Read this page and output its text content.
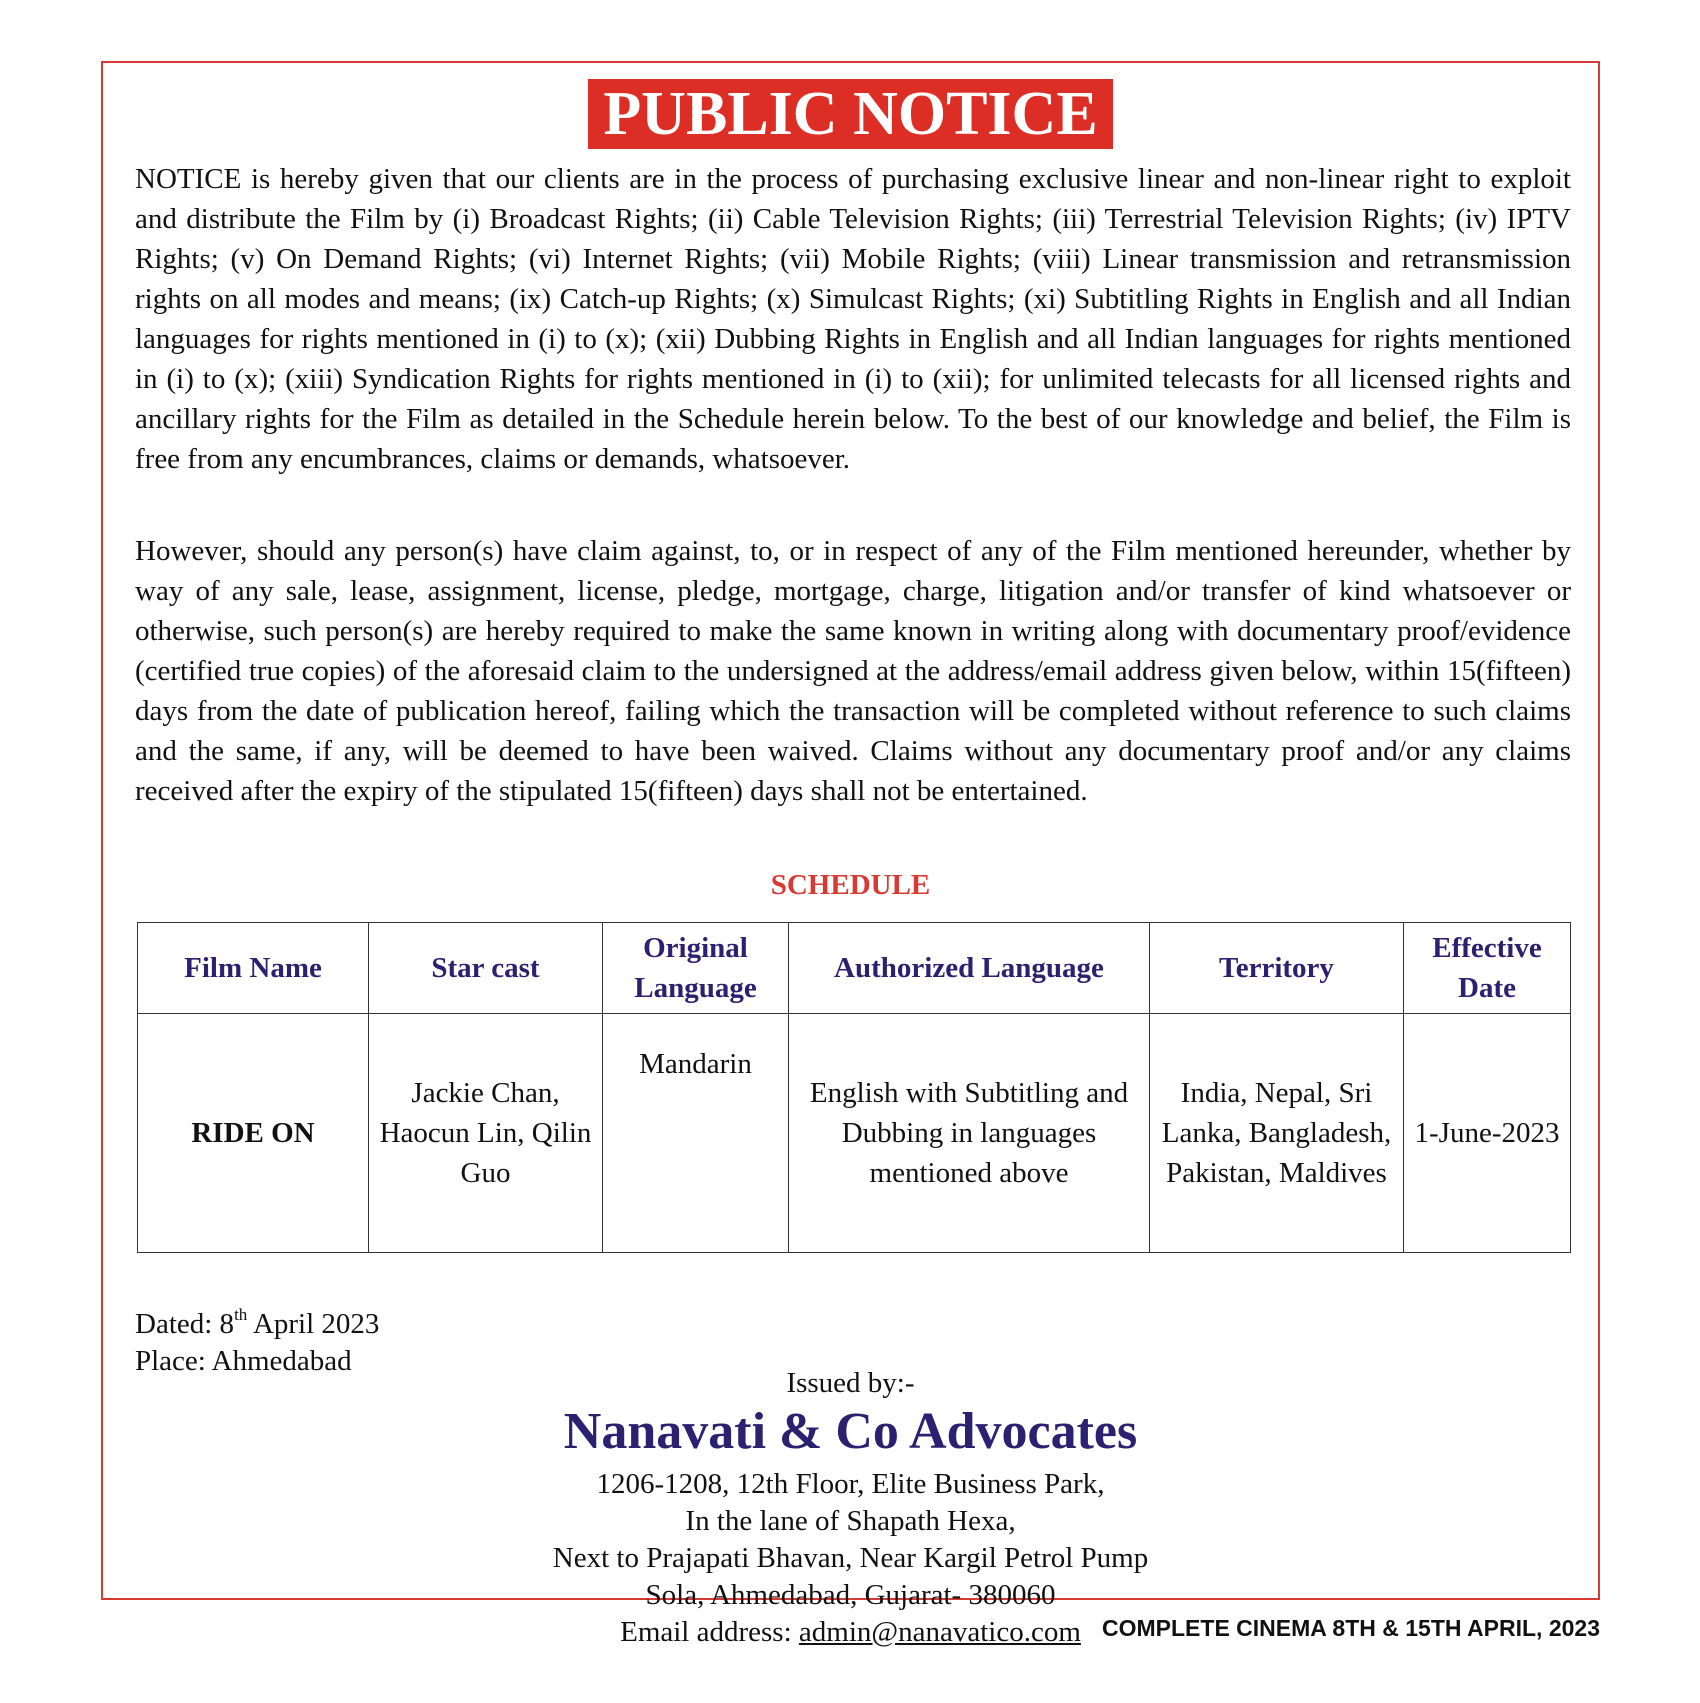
PUBLIC NOTICE

NOTICE is hereby given that our clients are in the process of purchasing exclusive linear and non-linear right to exploit and distribute the Film by (i) Broadcast Rights; (ii) Cable Television Rights; (iii) Terrestrial Television Rights; (iv) IPTV Rights; (v) On Demand Rights; (vi) Internet Rights; (vii) Mobile Rights; (viii) Linear transmission and retransmission rights on all modes and means; (ix) Catch-up Rights; (x) Simulcast Rights; (xi) Subtitling Rights in English and all Indian languages for rights mentioned in (i) to (x); (xii) Dubbing Rights in English and all Indian languages for rights mentioned in (i) to (x); (xiii) Syndication Rights for rights mentioned in (i) to (xii); for unlimited telecasts for all licensed rights and ancillary rights for the Film as detailed in the Schedule herein below. To the best of our knowledge and belief, the Film is free from any encumbrances, claims or demands, whatsoever.

However, should any person(s) have claim against, to, or in respect of any of the Film mentioned hereunder, whether by way of any sale, lease, assignment, license, pledge, mortgage, charge, litigation and/or transfer of kind whatsoever or otherwise, such person(s) are hereby required to make the same known in writing along with documentary proof/evidence (certified true copies) of the aforesaid claim to the undersigned at the address/email address given below, within 15(fifteen) days from the date of publication hereof, failing which the transaction will be completed without reference to such claims and the same, if any, will be deemed to have been waived. Claims without any documentary proof and/or any claims received after the expiry of the stipulated 15(fifteen) days shall not be entertained.

SCHEDULE
Film Name	Star cast	Original Language	Authorized Language	Territory	Effective Date
RIDE ON	Jackie Chan, Haocun Lin, Qilin Guo	Mandarin	English with Subtitling and Dubbing in languages mentioned above	India, Nepal, Sri Lanka, Bangladesh, Pakistan, Maldives	1-June-2023
Dated: 8th April 2023
Place: Ahmedabad
Issued by:-
Nanavati & Co Advocates
1206-1208, 12th Floor, Elite Business Park,
In the lane of Shapath Hexa,
Next to Prajapati Bhavan, Near Kargil Petrol Pump
Sola, Ahmedabad, Gujarat- 380060
Email address: admin@nanavatico.com COMPLETE CINEMA 8TH & 15TH APRIL, 2023
